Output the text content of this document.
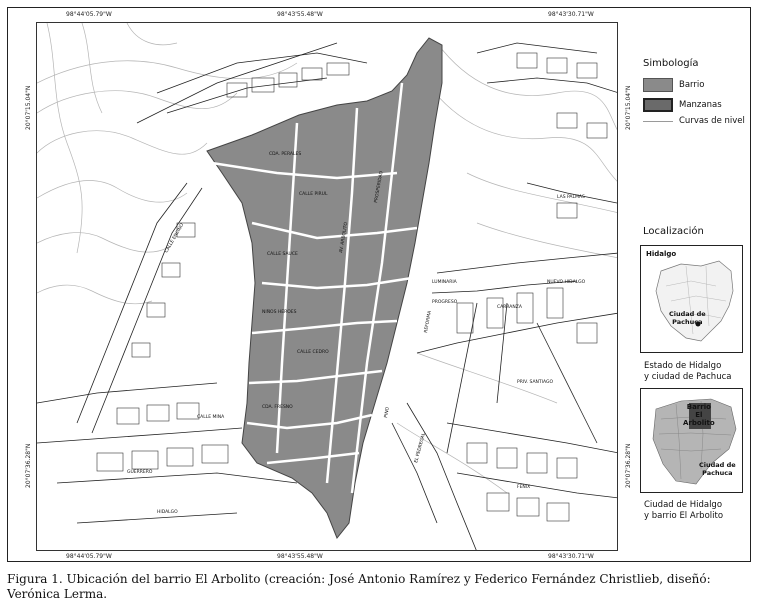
98°44'05.79"W	98°43'55.48"W	98°43'30.71"W
98°44'05.79"W	98°43'55.48"W	98°43'30.71"W
20°07'15.04"N
20°07'36.28"N
20°07'15.04"N
20°07'36.28"N
CDA. PERALES
CALLE PIRUL
CALLE SAUCE
AV. ARBOLITO
PROSPERIDAD
NIÑOS HEROES
CALLE CEDRO
CDA. FRESNO
LUMINARIA
PROGRESO
PRIV. SANTIAGO
CALLE ENCINO
NUEVO HIDALGO
LAS PALMAS
REFORMA
PINO
EL PEDREGAL
CARRANZA
GUERRERO
HIDALGO
FENIX
CALLE MINA
Simbología
Barrio
Manzanas
Curvas de nivel
Localización
Hidalgo
Ciudad de
Pachuca
Estado de Hidalgo
y ciudad de Pachuca
Barrio
El
Arbolito
Ciudad de
Pachuca
Ciudad de Hidalgo
y barrio El Arbolito
Figura 1. Ubicación del barrio El Arbolito (creación: José Antonio Ramírez y Federico Fernández Christlieb, diseñó: Verónica Lerma.
